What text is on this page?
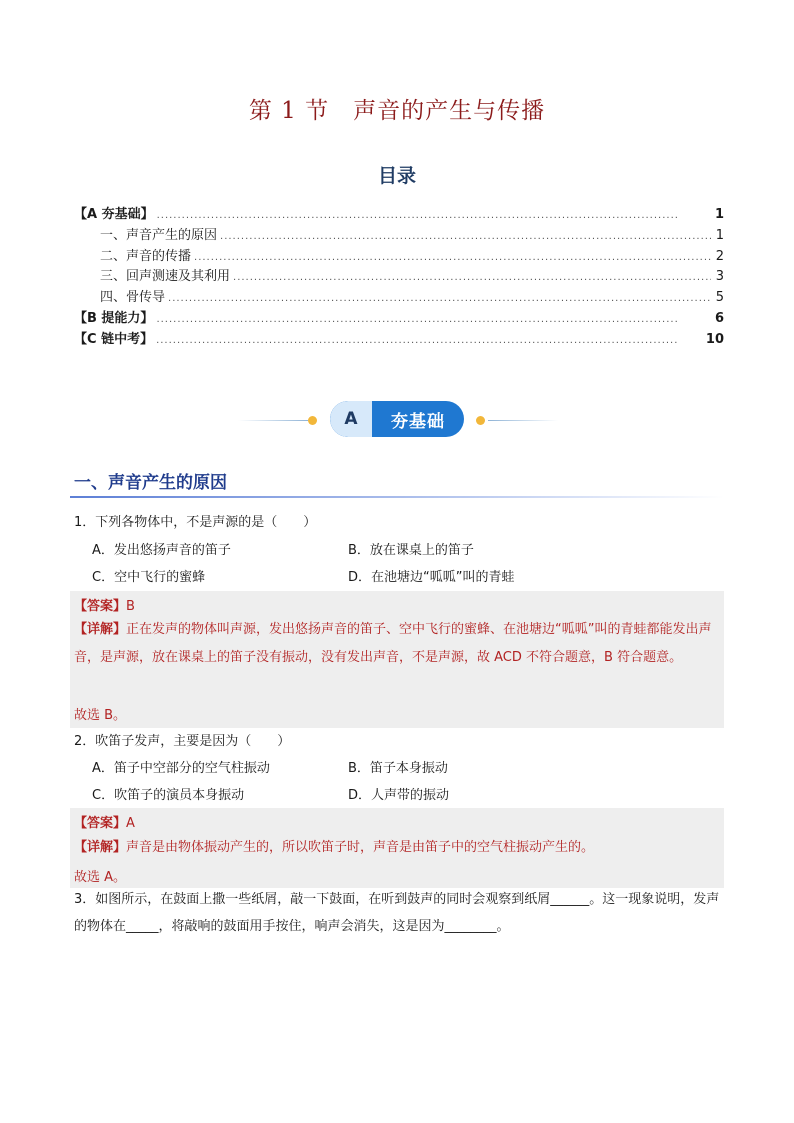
第 1 节　声音的产生与传播
目录
【A 夯基础】 .....	1
一、声音产生的原因 .....	1
二、声音的传播 .....	2
三、回声测速及其利用 .....	3
四、骨传导 .....	5
【B 提能力】 .....	6
【C 链中考】 .....	10
A	夯基础
一、声音产生的原因
1．下列各物体中，不是声源的是（　　）
A．发出悠扬声音的笛子	B．放在课桌上的笛子
C．空中飞行的蜜蜂	D．在池塘边“呱呱”叫的青蛙
【答案】B
【详解】正在发声的物体叫声源，发出悠扬声音的笛子、空中飞行的蜜蜂、在池塘边“呱呱”叫的青蛙都能发出声音，是声源，放在课桌上的笛子没有振动，没有发出声音，不是声源，故 ACD 不符合题意，B 符合题意。
故选 B。
2．吹笛子发声，主要是因为（　　）
A．笛子中空部分的空气柱振动	B．笛子本身振动
C．吹笛子的演员本身振动	D．人声带的振动
【答案】A
【详解】声音是由物体振动产生的，所以吹笛子时，声音是由笛子中的空气柱振动产生的。
故选 A。
3．如图所示，在鼓面上撒一些纸屑，敲一下鼓面，在听到鼓声的同时会观察到纸屑______。这一现象说明，发声的物体在_____，将敲响的鼓面用手按住，响声会消失，这是因为________。
